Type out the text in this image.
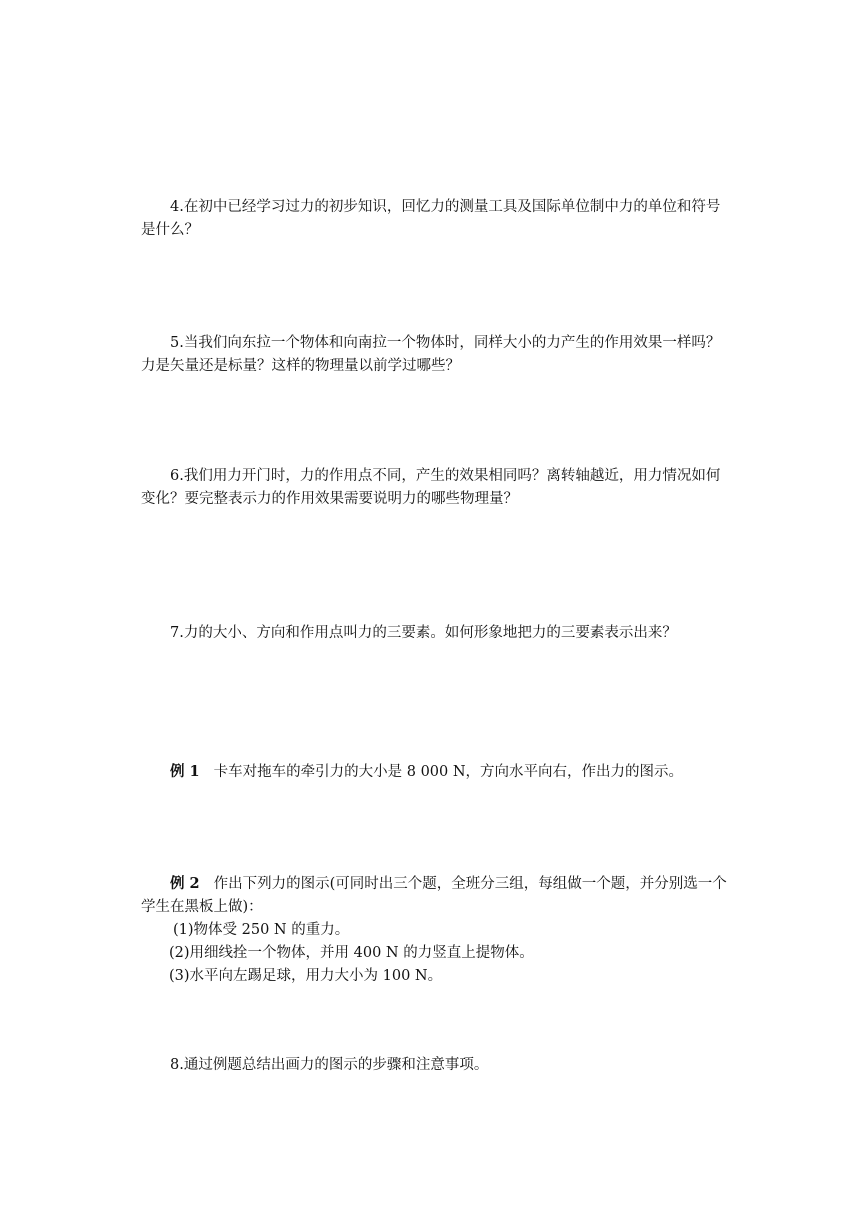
4.在初中已经学习过力的初步知识，回忆力的测量工具及国际单位制中力的单位和符号是什么？

5.当我们向东拉一个物体和向南拉一个物体时，同样大小的力产生的作用效果一样吗？力是矢量还是标量？这样的物理量以前学过哪些？

6.我们用力开门时，力的作用点不同，产生的效果相同吗？离转轴越近，用力情况如何变化？要完整表示力的作用效果需要说明力的哪些物理量？

7.力的大小、方向和作用点叫力的三要素。如何形象地把力的三要素表示出来？

例 1 卡车对拖车的牵引力的大小是 8 000 N，方向水平向右，作出力的图示。

例 2 作出下列力的图示(可同时出三个题，全班分三组，每组做一个题，并分别选一个学生在黑板上做)：

(1)物体受 250 N 的重力。

(2)用细线拴一个物体，并用 400 N 的力竖直上提物体。

(3)水平向左踢足球，用力大小为 100 N。

8.通过例题总结出画力的图示的步骤和注意事项。
